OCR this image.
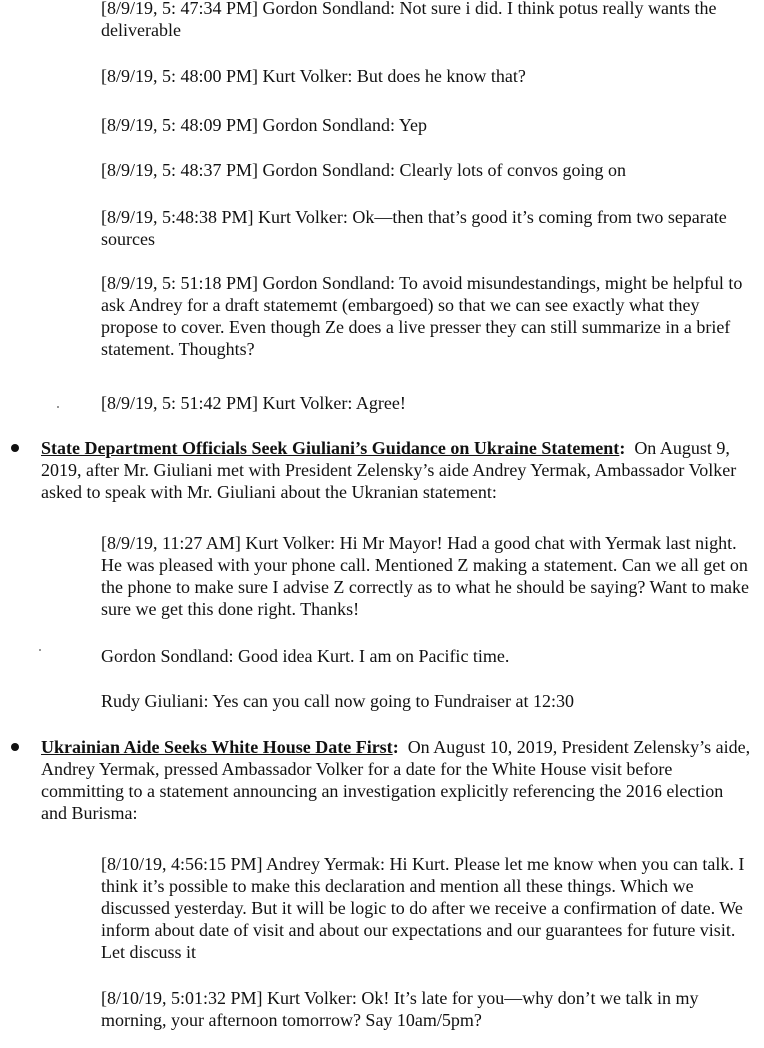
[8/9/19, 5: 47:34 PM] Gordon Sondland: Not sure i did. I think potus really wants the deliverable

[8/9/19, 5: 48:00 PM] Kurt Volker: But does he know that?

[8/9/19, 5: 48:09 PM] Gordon Sondland: Yep

[8/9/19, 5: 48:37 PM] Gordon Sondland: Clearly lots of convos going on

[8/9/19, 5:48:38 PM] Kurt Volker: Ok—then that’s good it’s coming from two separate sources

[8/9/19, 5: 51:18 PM] Gordon Sondland: To avoid misundestandings, might be helpful to ask Andrey for a draft statememt (embargoed) so that we can see exactly what they propose to cover. Even though Ze does a live presser they can still summarize in a brief statement. Thoughts?

[8/9/19, 5: 51:42 PM] Kurt Volker: Agree!

State Department Officials Seek Giuliani’s Guidance on Ukraine Statement: On August 9, 2019, after Mr. Giuliani met with President Zelensky’s aide Andrey Yermak, Ambassador Volker asked to speak with Mr. Giuliani about the Ukranian statement:

[8/9/19, 11:27 AM] Kurt Volker: Hi Mr Mayor! Had a good chat with Yermak last night. He was pleased with your phone call. Mentioned Z making a statement. Can we all get on the phone to make sure I advise Z correctly as to what he should be saying? Want to make sure we get this done right. Thanks!

Gordon Sondland: Good idea Kurt. I am on Pacific time.

Rudy Giuliani: Yes can you call now going to Fundraiser at 12:30

Ukrainian Aide Seeks White House Date First: On August 10, 2019, President Zelensky’s aide, Andrey Yermak, pressed Ambassador Volker for a date for the White House visit before committing to a statement announcing an investigation explicitly referencing the 2016 election and Burisma:

[8/10/19, 4:56:15 PM] Andrey Yermak: Hi Kurt. Please let me know when you can talk. I think it’s possible to make this declaration and mention all these things. Which we discussed yesterday. But it will be logic to do after we receive a confirmation of date. We inform about date of visit and about our expectations and our guarantees for future visit. Let discuss it

[8/10/19, 5:01:32 PM] Kurt Volker: Ok! It’s late for you—why don’t we talk in my morning, your afternoon tomorrow? Say 10am/5pm?
